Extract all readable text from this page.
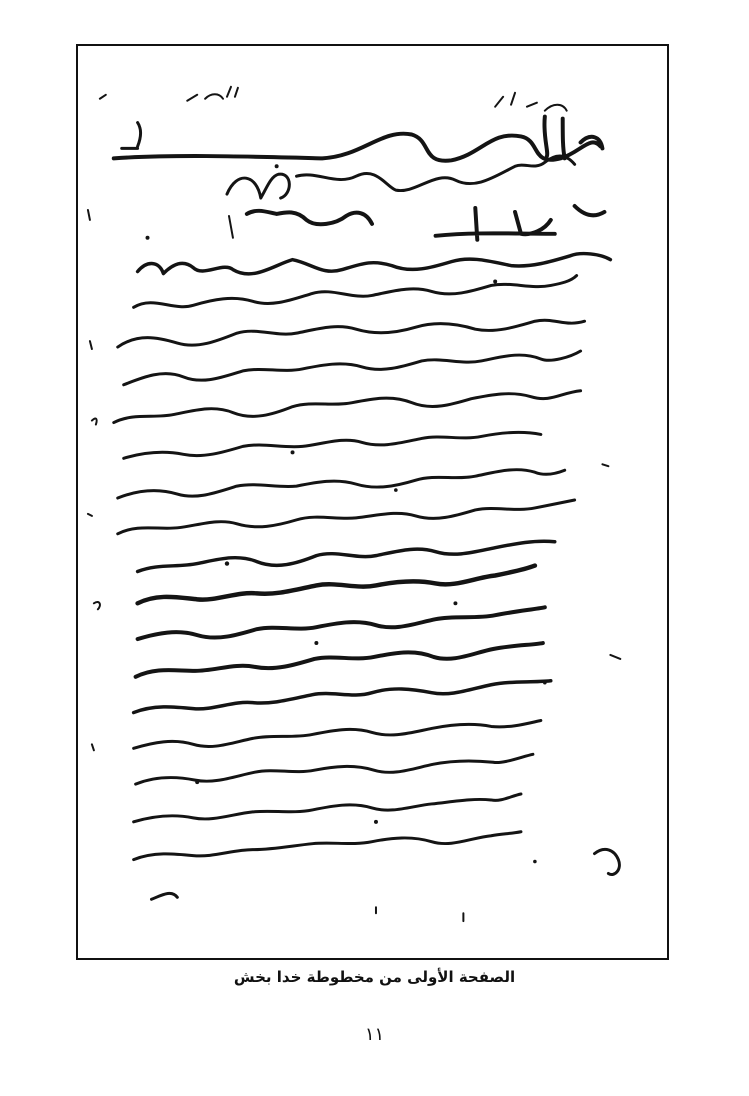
الصفحة الأولى من مخطوطة خدا بخش
١١
